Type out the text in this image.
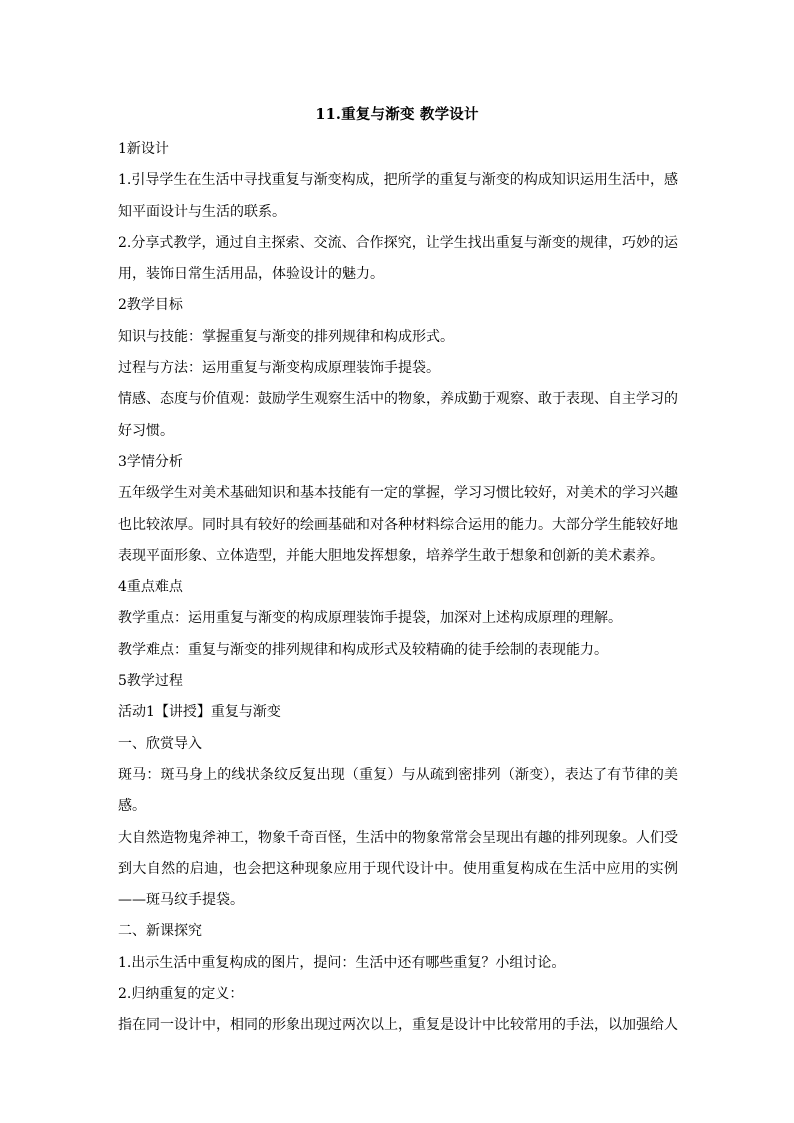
11.重复与渐变 教学设计

1新设计

1.引导学生在生活中寻找重复与渐变构成，把所学的重复与渐变的构成知识运用生活中，感知平面设计与生活的联系。

2.分享式教学，通过自主探索、交流、合作探究，让学生找出重复与渐变的规律，巧妙的运用，装饰日常生活用品，体验设计的魅力。

2教学目标

知识与技能：掌握重复与渐变的排列规律和构成形式。

过程与方法：运用重复与渐变构成原理装饰手提袋。

情感、态度与价值观：鼓励学生观察生活中的物象，养成勤于观察、敢于表现、自主学习的好习惯。

3学情分析

五年级学生对美术基础知识和基本技能有一定的掌握，学习习惯比较好，对美术的学习兴趣也比较浓厚。同时具有较好的绘画基础和对各种材料综合运用的能力。大部分学生能较好地表现平面形象、立体造型，并能大胆地发挥想象，培养学生敢于想象和创新的美术素养。

4重点难点

教学重点：运用重复与渐变的构成原理装饰手提袋，加深对上述构成原理的理解。

教学难点：重复与渐变的排列规律和构成形式及较精确的徒手绘制的表现能力。

5教学过程

活动1【讲授】重复与渐变

一、欣赏导入

斑马：斑马身上的线状条纹反复出现（重复）与从疏到密排列（渐变），表达了有节律的美感。

大自然造物鬼斧神工，物象千奇百怪，生活中的物象常常会呈现出有趣的排列现象。人们受到大自然的启迪，也会把这种现象应用于现代设计中。使用重复构成在生活中应用的实例——斑马纹手提袋。

二、新课探究

1.出示生活中重复构成的图片，提问：生活中还有哪些重复？小组讨论。

2.归纳重复的定义：

指在同一设计中，相同的形象出现过两次以上，重复是设计中比较常用的手法，以加强给人
